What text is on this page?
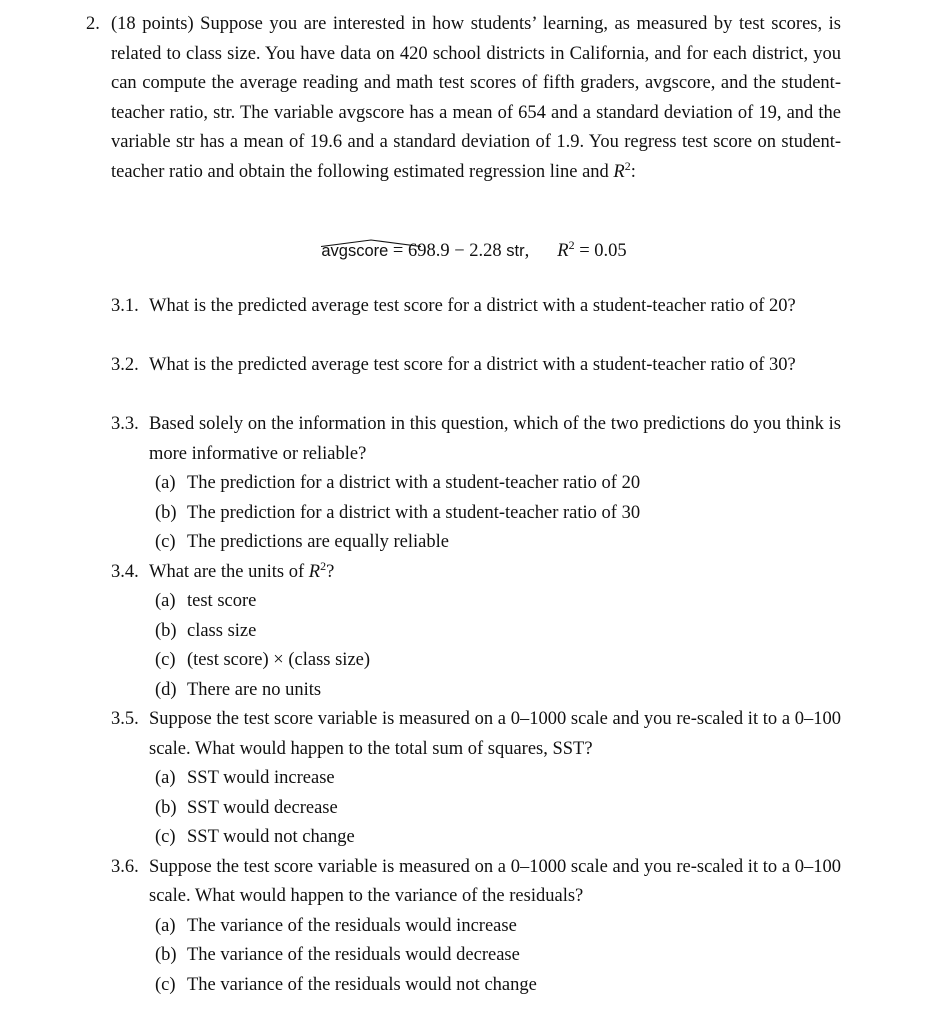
2. (18 points) Suppose you are interested in how students’ learning, as measured by test scores, is related to class size. You have data on 420 school districts in California, and for each district, you can compute the average reading and math test scores of fifth graders, avgscore, and the student-teacher ratio, str. The variable avgscore has a mean of 654 and a standard deviation of 19, and the variable str has a mean of 19.6 and a standard deviation of 1.9. You regress test score on student-teacher ratio and obtain the following estimated regression line and $R^2$:
avgscore = 698.9 − 2.28 str, $R^2 = 0.05$
3.1. What is the predicted average test score for a district with a student-teacher ratio of 20?
3.2. What is the predicted average test score for a district with a student-teacher ratio of 30?
3.3. Based solely on the information in this question, which of the two predictions do you think is more informative or reliable?
(a) The prediction for a district with a student-teacher ratio of 20
(b) The prediction for a district with a student-teacher ratio of 30
(c) The predictions are equally reliable
3.4. What are the units of $R^2$?
(a) test score
(b) class size
(c) (test score) × (class size)
(d) There are no units
3.5. Suppose the test score variable is measured on a 0–1000 scale and you re-scaled it to a 0–100 scale. What would happen to the total sum of squares, SST?
(a) SST would increase
(b) SST would decrease
(c) SST would not change
3.6. Suppose the test score variable is measured on a 0–1000 scale and you re-scaled it to a 0–100 scale. What would happen to the variance of the residuals?
(a) The variance of the residuals would increase
(b) The variance of the residuals would decrease
(c) The variance of the residuals would not change
